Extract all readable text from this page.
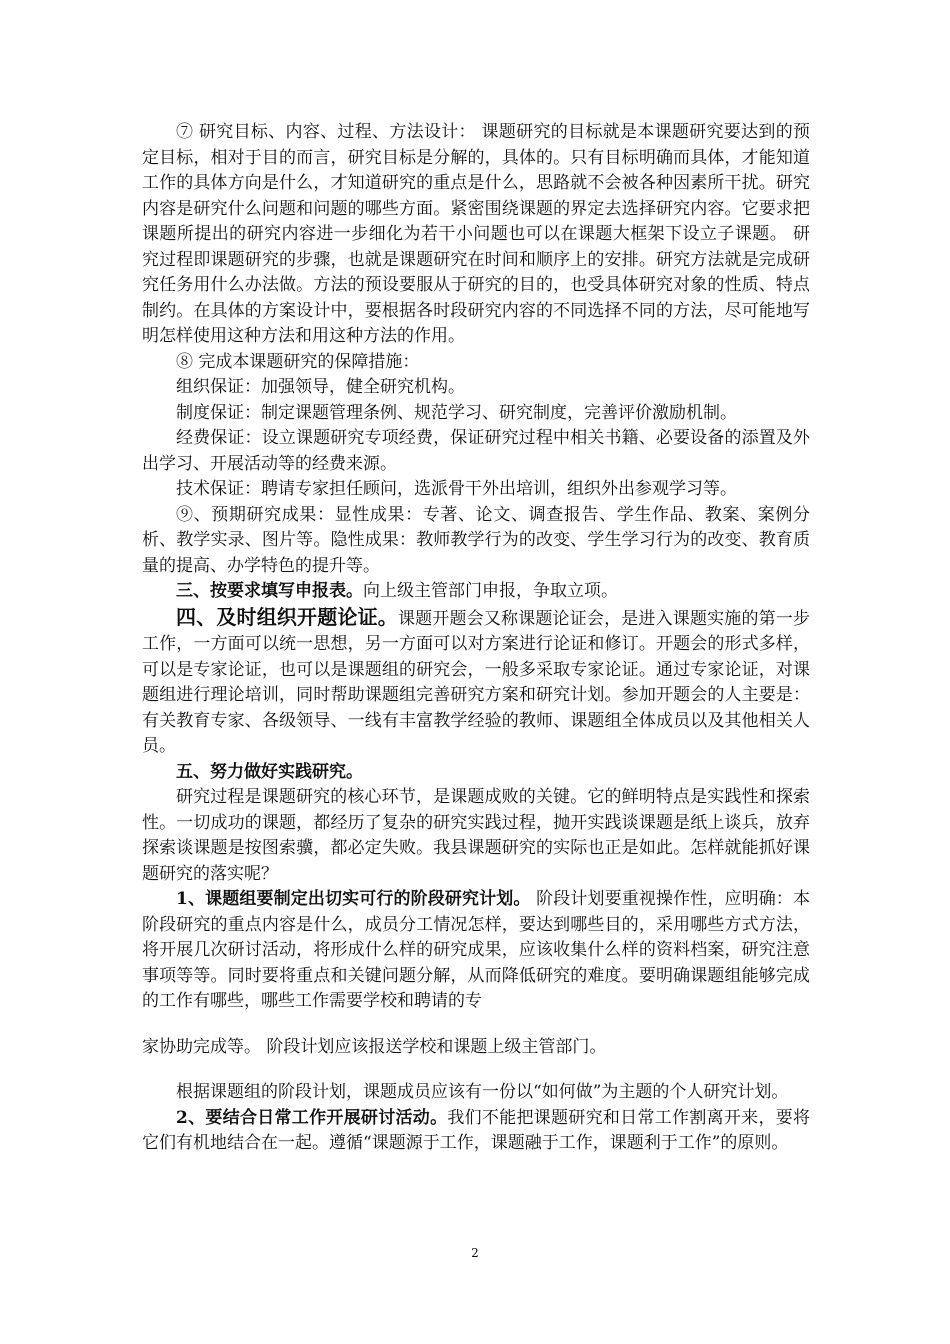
⑦ 研究目标、内容、过程、方法设计： 课题研究的目标就是本课题研究要达到的预定目标，相对于目的而言，研究目标是分解的，具体的。只有目标明确而具体，才能知道工作的具体方向是什么，才知道研究的重点是什么，思路就不会被各种因素所干扰。研究内容是研究什么问题和问题的哪些方面。紧密围绕课题的界定去选择研究内容。它要求把课题所提出的研究内容进一步细化为若干小问题也可以在课题大框架下设立子课题。 研究过程即课题研究的步骤，也就是课题研究在时间和顺序上的安排。研究方法就是完成研究任务用什么办法做。方法的预设要服从于研究的目的，也受具体研究对象的性质、特点制约。在具体的方案设计中，要根据各时段研究内容的不同选择不同的方法，尽可能地写明怎样使用这种方法和用这种方法的作用。

⑧ 完成本课题研究的保障措施：

组织保证：加强领导，健全研究机构。

制度保证：制定课题管理条例、规范学习、研究制度，完善评价激励机制。

经费保证：设立课题研究专项经费，保证研究过程中相关书籍、必要设备的添置及外出学习、开展活动等的经费来源。

技术保证：聘请专家担任顾问，选派骨干外出培训，组织外出参观学习等。

⑨、预期研究成果：显性成果：专著、论文、调查报告、学生作品、教案、案例分析、教学实录、图片等。隐性成果：教师教学行为的改变、学生学习行为的改变、教育质量的提高、办学特色的提升等。

三、按要求填写申报表。向上级主管部门申报，争取立项。

四、及时组织开题论证。课题开题会又称课题论证会，是进入课题实施的第一步工作，一方面可以统一思想，另一方面可以对方案进行论证和修订。开题会的形式多样，可以是专家论证，也可以是课题组的研究会，一般多采取专家论证。通过专家论证，对课题组进行理论培训，同时帮助课题组完善研究方案和研究计划。参加开题会的人主要是：有关教育专家、各级领导、一线有丰富教学经验的教师、课题组全体成员以及其他相关人员。

五、努力做好实践研究。

研究过程是课题研究的核心环节，是课题成败的关键。它的鲜明特点是实践性和探索性。一切成功的课题，都经历了复杂的研究实践过程，抛开实践谈课题是纸上谈兵，放弃探索谈课题是按图索骥，都必定失败。我县课题研究的实际也正是如此。怎样就能抓好课题研究的落实呢？

1、课题组要制定出切实可行的阶段研究计划。 阶段计划要重视操作性，应明确：本阶段研究的重点内容是什么，成员分工情况怎样，要达到哪些目的，采用哪些方式方法，将开展几次研讨活动，将形成什么样的研究成果，应该收集什么样的资料档案，研究注意事项等等。同时要将重点和关键问题分解，从而降低研究的难度。要明确课题组能够完成的工作有哪些，哪些工作需要学校和聘请的专

家协助完成等。 阶段计划应该报送学校和课题上级主管部门。

根据课题组的阶段计划，课题成员应该有一份以“如何做”为主题的个人研究计划。

2、要结合日常工作开展研讨活动。我们不能把课题研究和日常工作割离开来，要将它们有机地结合在一起。遵循“课题源于工作，课题融于工作，课题利于工作”的原则。

2
